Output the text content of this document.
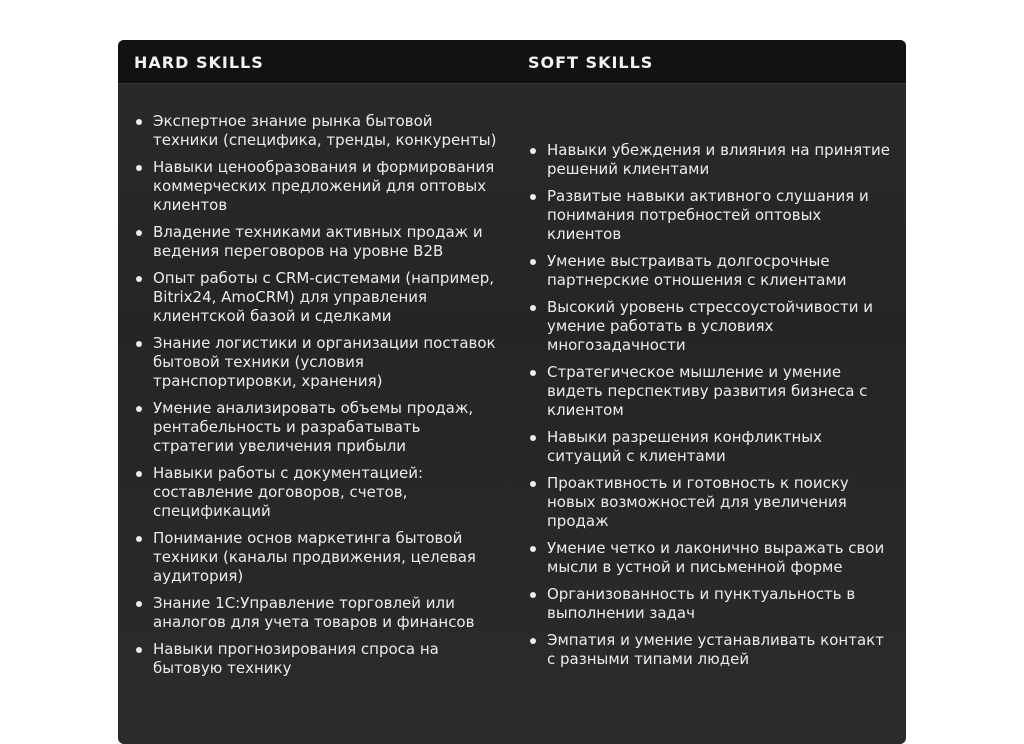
HARD SKILLS	SOFT SKILLS
Экспертное знание рынка бытовой техники (специфика, тренды, конкуренты)
Навыки ценообразования и формирования коммерческих предложений для оптовых клиентов
Владение техниками активных продаж и ведения переговоров на уровне B2B
Опыт работы с CRM-системами (например, Bitrix24, AmoCRM) для управления клиентской базой и сделками
Знание логистики и организации поставок бытовой техники (условия транспортировки, хранения)
Умение анализировать объемы продаж, рентабельность и разрабатывать стратегии увеличения прибыли
Навыки работы с документацией: составление договоров, счетов, спецификаций
Понимание основ маркетинга бытовой техники (каналы продвижения, целевая аудитория)
Знание 1С:Управление торговлей или аналогов для учета товаров и финансов
Навыки прогнозирования спроса на бытовую технику
Навыки убеждения и влияния на принятие решений клиентами
Развитые навыки активного слушания и понимания потребностей оптовых клиентов
Умение выстраивать долгосрочные партнерские отношения с клиентами
Высокий уровень стрессоустойчивости и умение работать в условиях многозадачности
Стратегическое мышление и умение видеть перспективу развития бизнеса с клиентом
Навыки разрешения конфликтных ситуаций с клиентами
Проактивность и готовность к поиску новых возможностей для увеличения продаж
Умение четко и лаконично выражать свои мысли в устной и письменной форме
Организованность и пунктуальность в выполнении задач
Эмпатия и умение устанавливать контакт с разными типами людей
